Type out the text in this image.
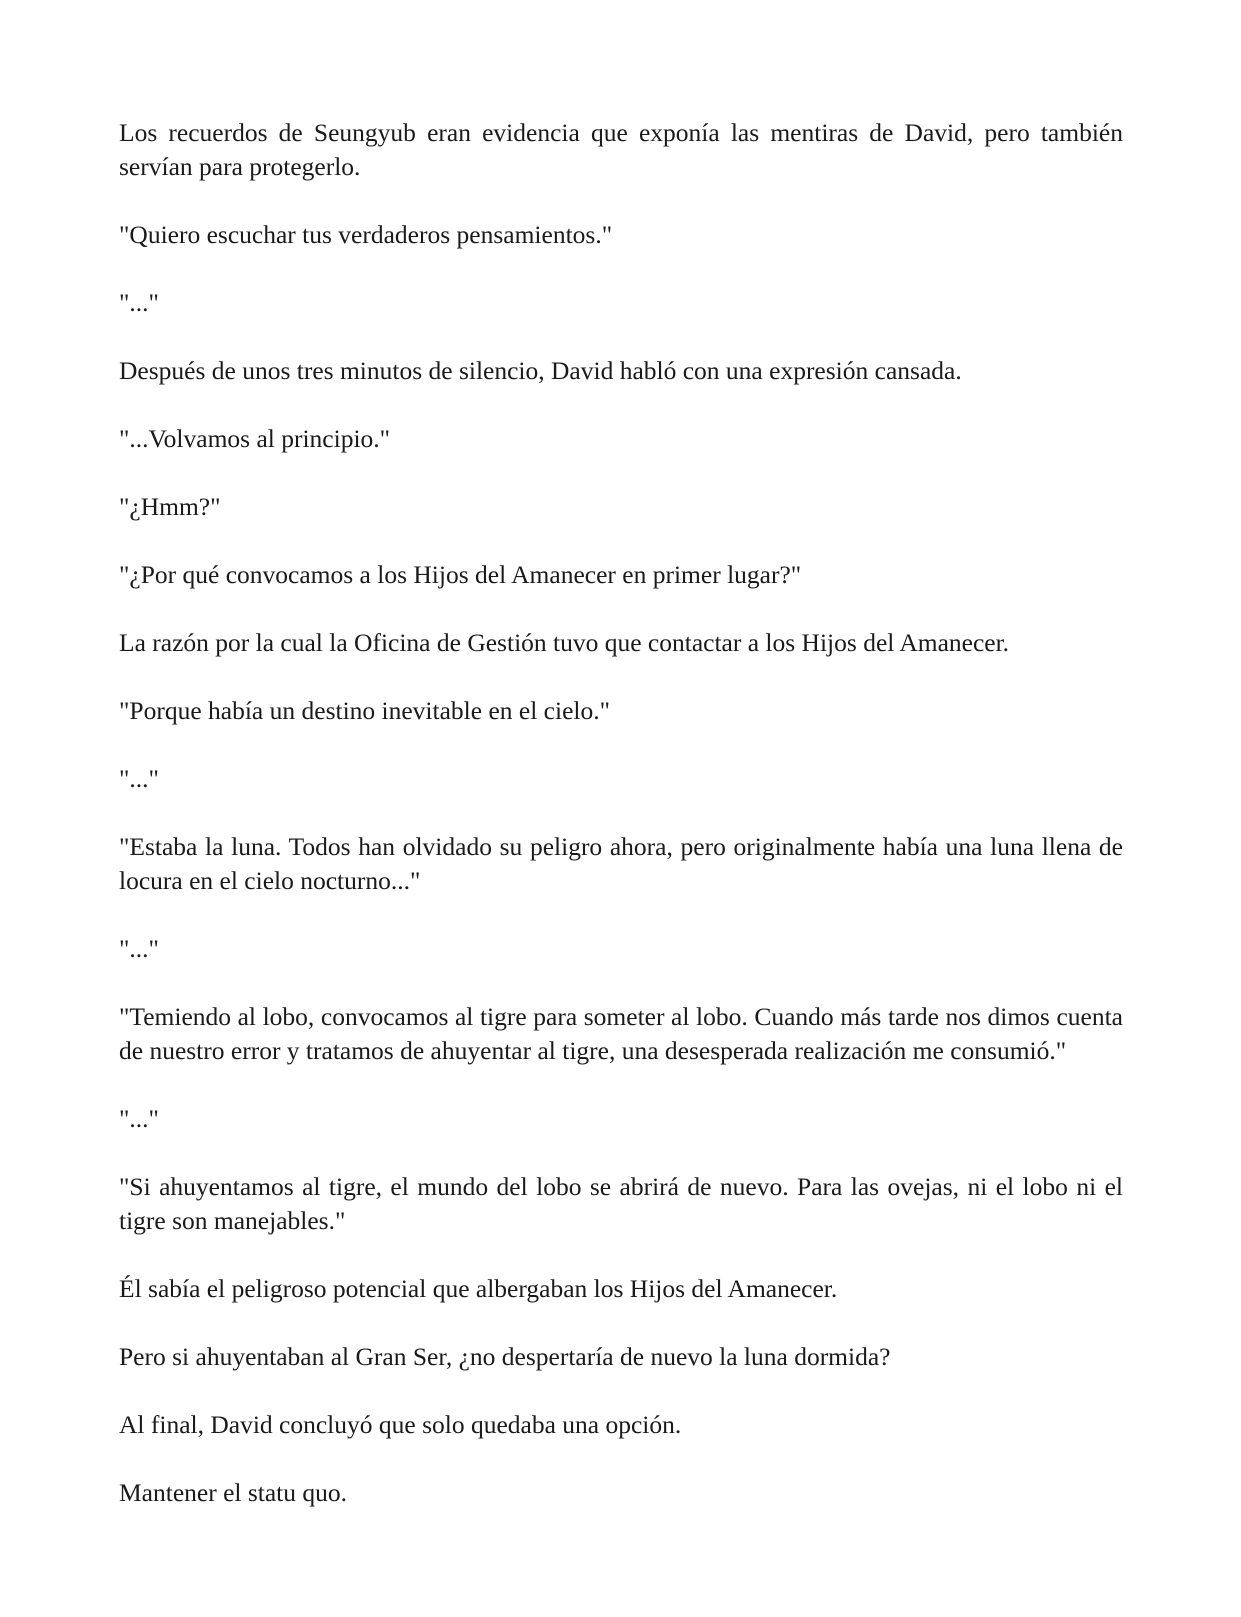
Los recuerdos de Seungyub eran evidencia que exponía las mentiras de David, pero también servían para protegerlo.

"Quiero escuchar tus verdaderos pensamientos."

"..."

Después de unos tres minutos de silencio, David habló con una expresión cansada.

"...Volvamos al principio."

"¿Hmm?"

"¿Por qué convocamos a los Hijos del Amanecer en primer lugar?"

La razón por la cual la Oficina de Gestión tuvo que contactar a los Hijos del Amanecer.

"Porque había un destino inevitable en el cielo."

"..."

"Estaba la luna. Todos han olvidado su peligro ahora, pero originalmente había una luna llena de locura en el cielo nocturno..."

"..."

"Temiendo al lobo, convocamos al tigre para someter al lobo. Cuando más tarde nos dimos cuenta de nuestro error y tratamos de ahuyentar al tigre, una desesperada realización me consumió."

"..."

"Si ahuyentamos al tigre, el mundo del lobo se abrirá de nuevo. Para las ovejas, ni el lobo ni el tigre son manejables."

Él sabía el peligroso potencial que albergaban los Hijos del Amanecer.

Pero si ahuyentaban al Gran Ser, ¿no despertaría de nuevo la luna dormida?

Al final, David concluyó que solo quedaba una opción.

Mantener el statu quo.
